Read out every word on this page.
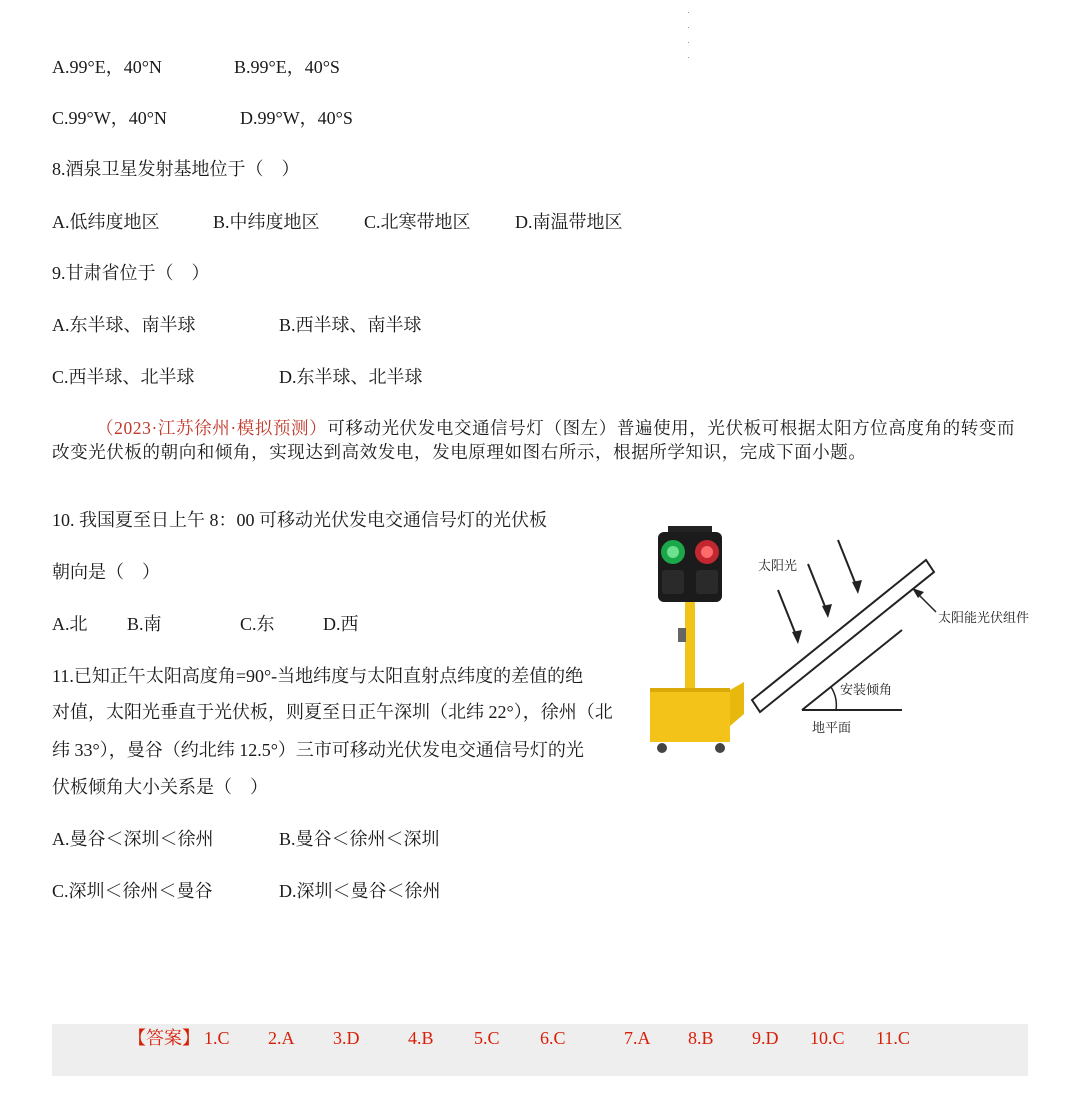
A.99°E，40°N	B.99°E，40°S
C.99°W，40°N	D.99°W，40°S
8.酒泉卫星发射基地位于（　）
A.低纬度地区	B.中纬度地区 C.北寒带地区 D.南温带地区
9.甘肃省位于（　）
A.东半球、南半球	B.西半球、南半球
C.西半球、北半球	D.东半球、北半球
（2023·江苏徐州·模拟预测）可移动光伏发电交通信号灯（图左）普遍使用，光伏板可根据太阳方位高度角的转变而改变光伏板的朝向和倾角，实现达到高效发电，发电原理如图右所示，根据所学知识，完成下面小题。
10. 我国夏至日上午 8：00 可移动光伏发电交通信号灯的光伏板
朝向是（　）
A.北 B.南	C.东	D.西
11.已知正午太阳高度角=90°-当地纬度与太阳直射点纬度的差值的绝
对值，太阳光垂直于光伏板，则夏至日正午深圳（北纬 22°），徐州（北
纬 33°），曼谷（约北纬 12.5°）三市可移动光伏发电交通信号灯的光
伏板倾角大小关系是（　）
A.曼谷＜深圳＜徐州	B.曼谷＜徐州＜深圳
C.深圳＜徐州＜曼谷	D.深圳＜曼谷＜徐州
太阳光
太阳能光伏组件
安装倾角
地平面
【答案】 1.C 2.A 3.D	4.B 5.C 6.C	7.A 8.B 9.D 10.C 11.C
